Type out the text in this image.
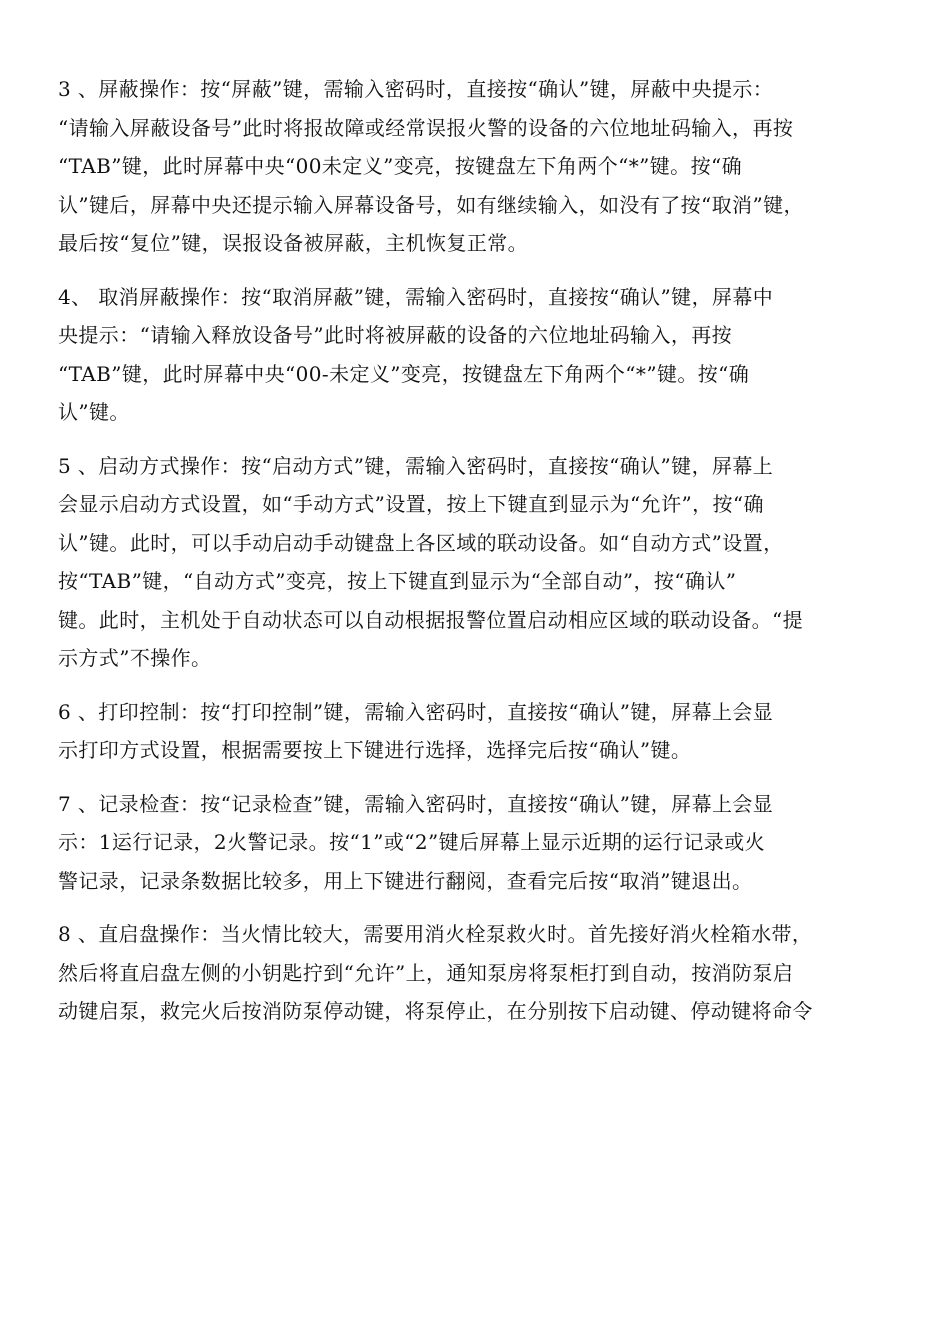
3 、屏蔽操作：按“屏蔽”键，需输入密码时，直接按“确认”键，屏蔽中央提示：
“请输入屏蔽设备号”此时将报故障或经常误报火警的设备的六位地址码输入，再按
“TAB”键，此时屏幕中央“00未定义”变亮，按键盘左下角两个“*”键。按“确
认”键后，屏幕中央还提示输入屏幕设备号，如有继续输入，如没有了按“取消”键，
最后按“复位”键，误报设备被屏蔽，主机恢复正常。
4、 取消屏蔽操作：按“取消屏蔽”键，需输入密码时，直接按“确认”键，屏幕中
央提示：“请输入释放设备号”此时将被屏蔽的设备的六位地址码输入，再按
“TAB”键，此时屏幕中央“00-未定义”变亮，按键盘左下角两个“*”键。按“确
认”键。
5 、启动方式操作：按“启动方式”键，需输入密码时，直接按“确认”键，屏幕上
会显示启动方式设置，如“手动方式”设置，按上下键直到显示为“允许”，按“确
认”键。此时，可以手动启动手动键盘上各区域的联动设备。如“自动方式”设置，
按“TAB”键，“自动方式”变亮，按上下键直到显示为“全部自动”，按“确认”
键。此时，主机处于自动状态可以自动根据报警位置启动相应区域的联动设备。“提
示方式”不操作。
6 、打印控制：按“打印控制”键，需输入密码时，直接按“确认”键，屏幕上会显
示打印方式设置，根据需要按上下键进行选择，选择完后按“确认”键。
7 、记录检查：按“记录检查”键，需输入密码时，直接按“确认”键，屏幕上会显
示：1运行记录，2火警记录。按“1”或“2”键后屏幕上显示近期的运行记录或火
警记录，记录条数据比较多，用上下键进行翻阅，查看完后按“取消”键退出。
8 、直启盘操作：当火情比较大，需要用消火栓泵救火时。首先接好消火栓箱水带，
然后将直启盘左侧的小钥匙拧到“允许”上，通知泵房将泵柜打到自动，按消防泵启
动键启泵，救完火后按消防泵停动键，将泵停止，在分别按下启动键、停动键将命令
